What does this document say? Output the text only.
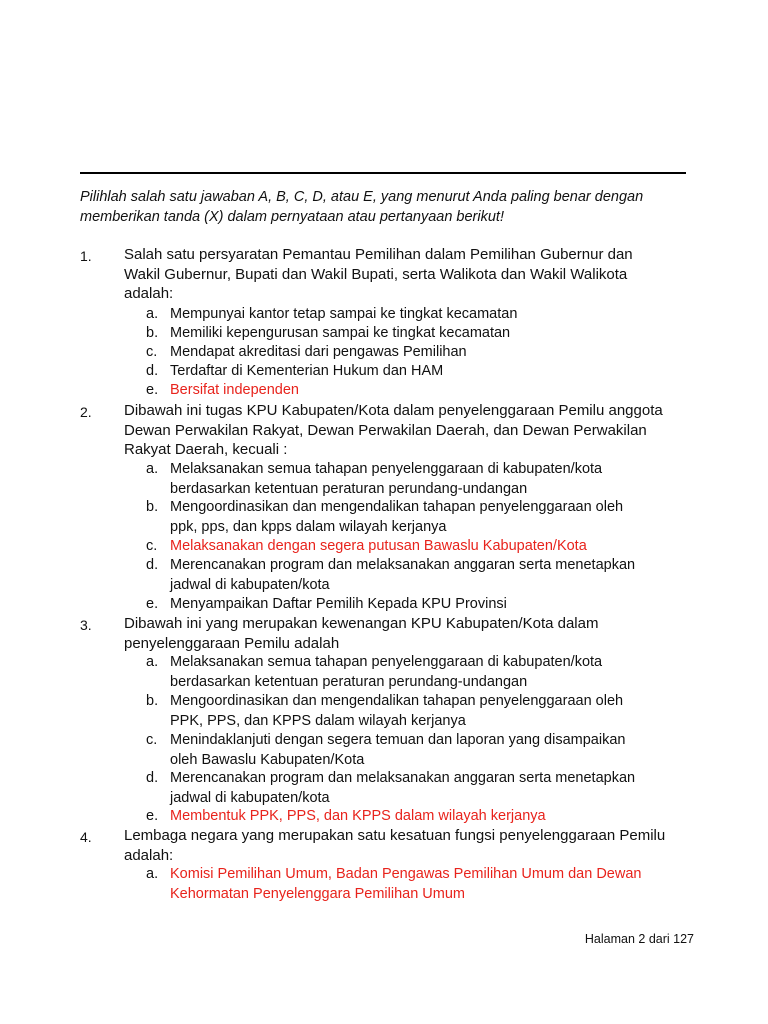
Pilihlah salah satu jawaban A, B, C, D, atau E, yang menurut Anda paling benar dengan
memberikan tanda (X) dalam pernyataan atau pertanyaan berikut!
1. Salah satu persyaratan Pemantau Pemilihan dalam Pemilihan Gubernur dan
Wakil Gubernur, Bupati dan Wakil Bupati, serta Walikota dan Wakil Walikota
adalah:
a. Mempunyai kantor tetap sampai ke tingkat kecamatan
b. Memiliki kepengurusan sampai ke tingkat kecamatan
c. Mendapat akreditasi dari pengawas Pemilihan
d. Terdaftar di Kementerian Hukum dan HAM
e. Bersifat independen
2. Dibawah ini tugas KPU Kabupaten/Kota dalam penyelenggaraan Pemilu anggota
Dewan Perwakilan Rakyat, Dewan Perwakilan Daerah, dan Dewan Perwakilan
Rakyat Daerah, kecuali :
a. Melaksanakan semua tahapan penyelenggaraan di kabupaten/kota
berdasarkan ketentuan peraturan perundang-undangan
b. Mengoordinasikan dan mengendalikan tahapan penyelenggaraan oleh
ppk, pps, dan kpps dalam wilayah kerjanya
c. Melaksanakan dengan segera putusan Bawaslu Kabupaten/Kota
d. Merencanakan program dan melaksanakan anggaran serta menetapkan
jadwal di kabupaten/kota
e. Menyampaikan Daftar Pemilih Kepada KPU Provinsi
3. Dibawah ini yang merupakan kewenangan KPU Kabupaten/Kota dalam
penyelenggaraan Pemilu adalah
a. Melaksanakan semua tahapan penyelenggaraan di kabupaten/kota
berdasarkan ketentuan peraturan perundang-undangan
b. Mengoordinasikan dan mengendalikan tahapan penyelenggaraan oleh
PPK, PPS, dan KPPS dalam wilayah kerjanya
c. Menindaklanjuti dengan segera temuan dan laporan yang disampaikan
oleh Bawaslu Kabupaten/Kota
d. Merencanakan program dan melaksanakan anggaran serta menetapkan
jadwal di kabupaten/kota
e. Membentuk PPK, PPS, dan KPPS dalam wilayah kerjanya
4. Lembaga negara yang merupakan satu kesatuan fungsi penyelenggaraan Pemilu
adalah:
a. Komisi Pemilihan Umum, Badan Pengawas Pemilihan Umum dan Dewan
Kehormatan Penyelenggara Pemilihan Umum
Halaman 2 dari 127
